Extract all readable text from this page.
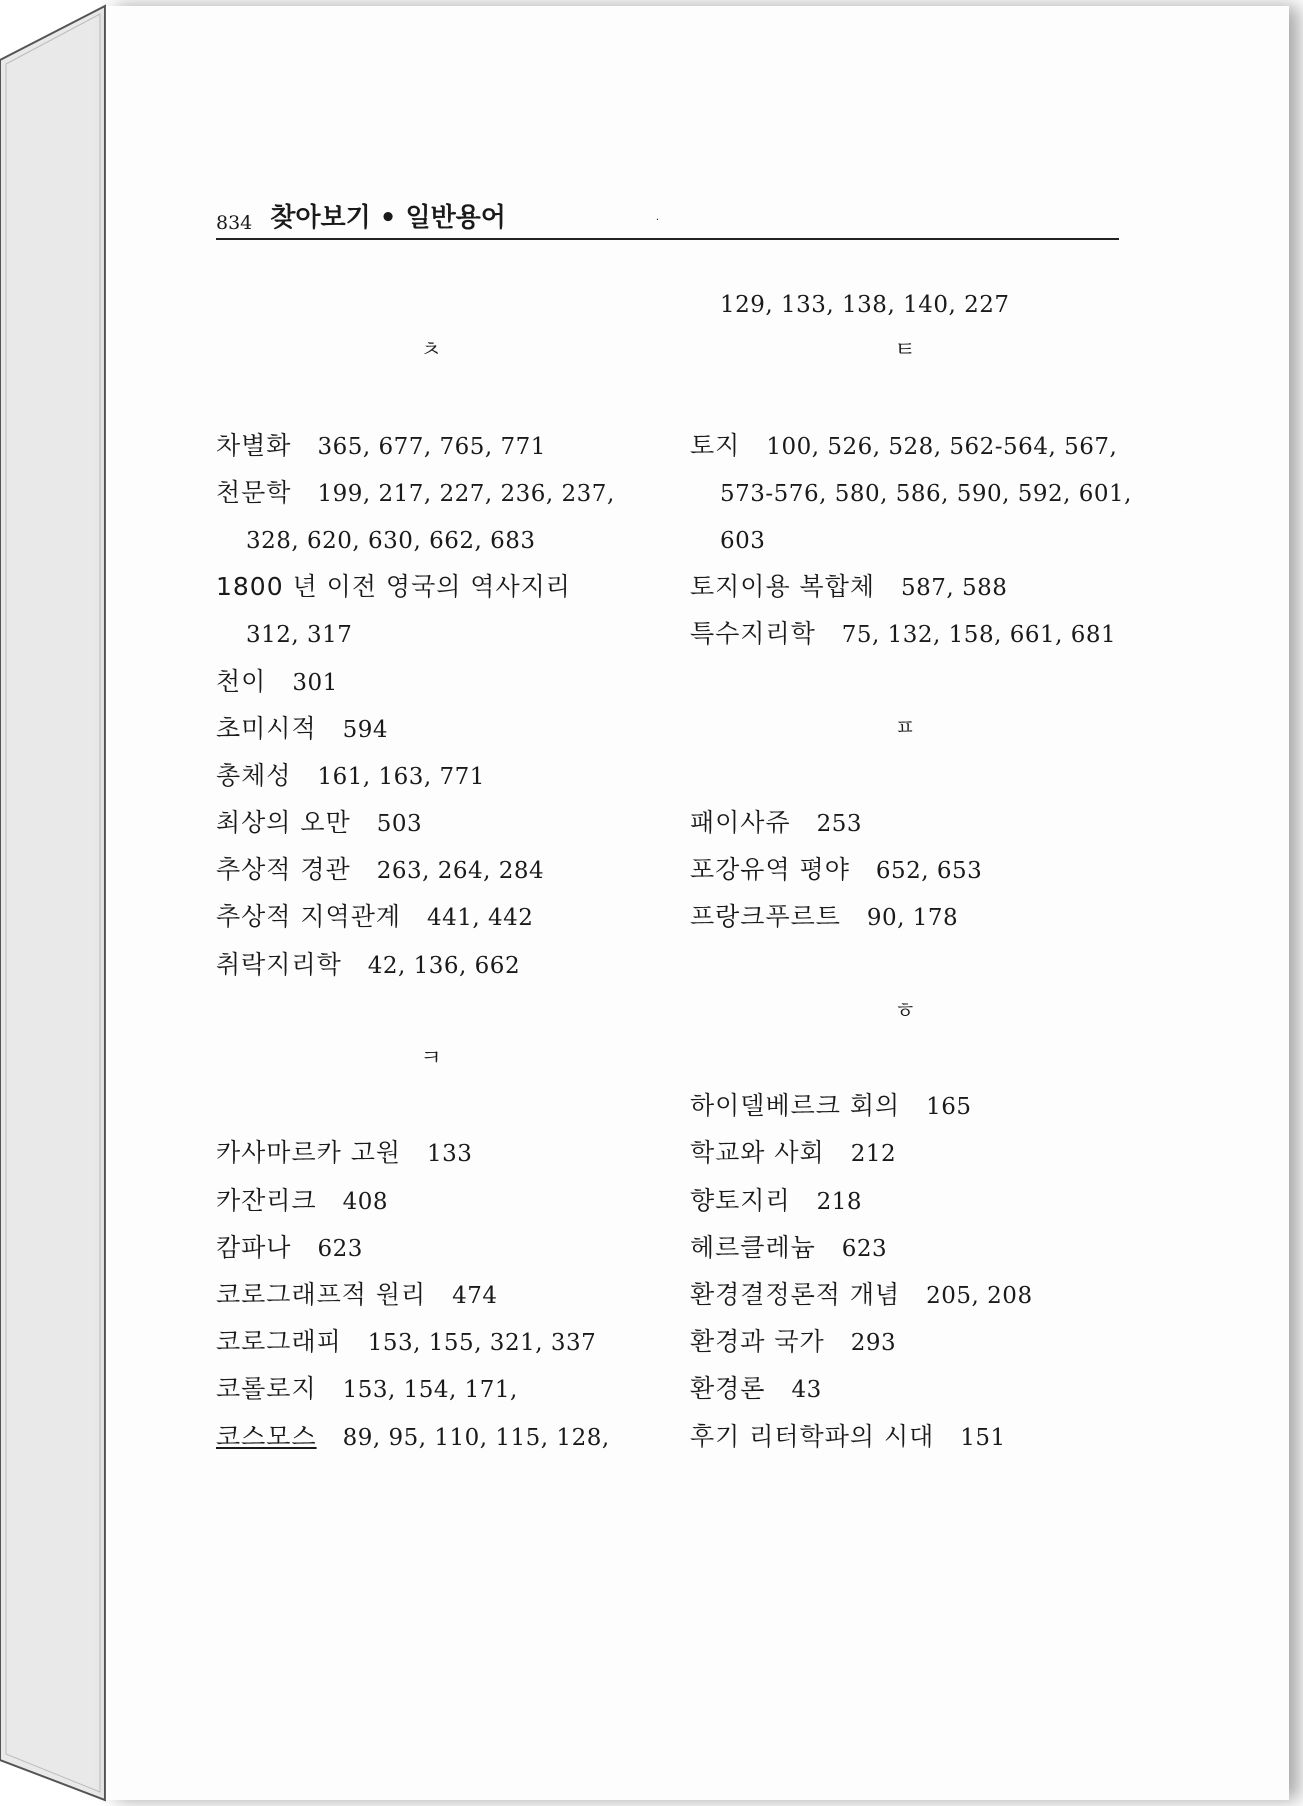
834 찾아보기 • 일반용어	·
ㅊ
차별화 365, 677, 765, 771
천문학 199, 217, 227, 236, 237,
328, 620, 630, 662, 683
1800 년 이전 영국의 역사지리
312, 317
천이 301
초미시적 594
총체성 161, 163, 771
최상의 오만 503
추상적 경관 263, 264, 284
추상적 지역관계 441, 442
취락지리학 42, 136, 662
ㅋ
카사마르카 고원 133
카잔리크 408
캄파나 623
코로그래프적 원리 474
코로그래피 153, 155, 321, 337
코롤로지 153, 154, 171,
코스모스 89, 95, 110, 115, 128,
129, 133, 138, 140, 227
ㅌ
토지 100, 526, 528, 562-564, 567,
573-576, 580, 586, 590, 592, 601,
603
토지이용 복합체 587, 588
특수지리학 75, 132, 158, 661, 681
ㅍ
패이사쥬 253
포강유역 평야 652, 653
프랑크푸르트 90, 178
ㅎ
하이델베르크 회의 165
학교와 사회 212
향토지리 218
헤르클레늄 623
환경결정론적 개념 205, 208
환경과 국가 293
환경론 43
후기 리터학파의 시대 151
